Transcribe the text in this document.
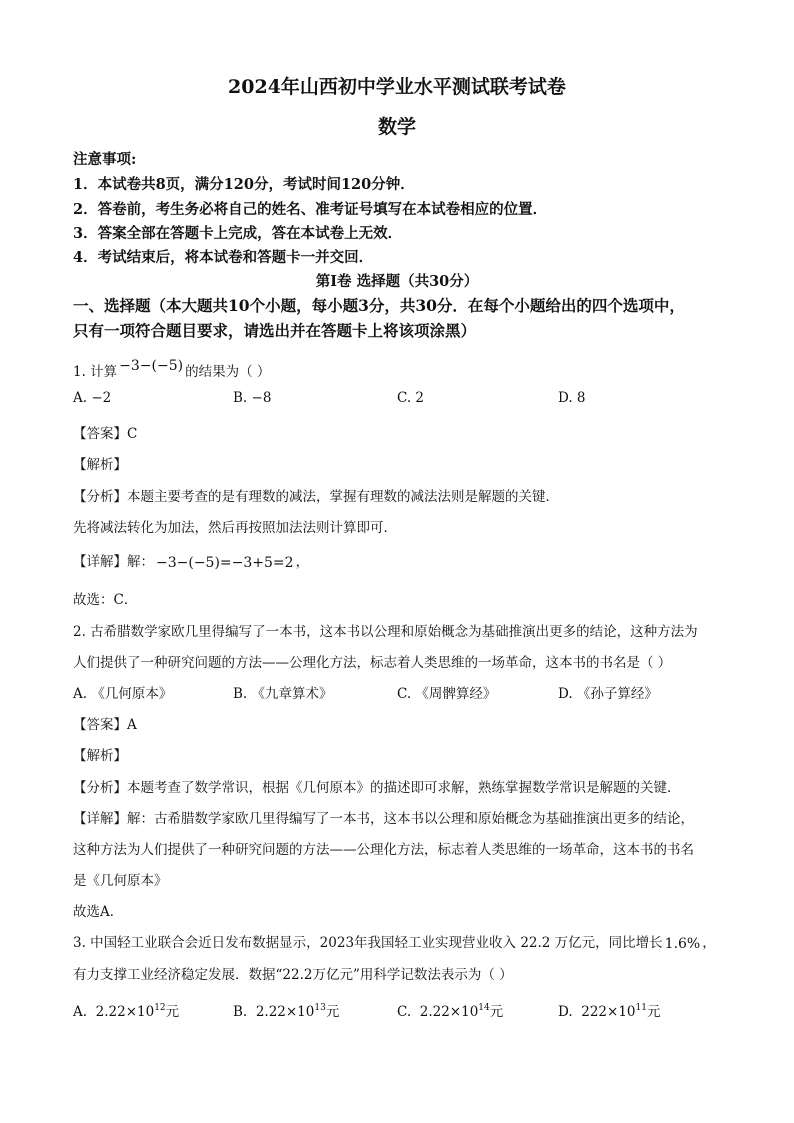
2024年山西初中学业水平测试联考试卷
数学
注意事项:
1．本试卷共8页，满分120分，考试时间120分钟．
2．答卷前，考生务必将自己的姓名、准考证号填写在本试卷相应的位置．
3．答案全部在答题卡上完成，答在本试卷上无效．
4．考试结束后，将本试卷和答题卡一并交回．
第Ⅰ卷 选择题（共30分）
一、选择题（本大题共10个小题，每小题3分，共30分．在每个小题给出的四个选项中，
只有一项符合题目要求，请选出并在答题卡上将该项涂黑）
1. 计算 −3−(−5) 的结果为（ ）
A. −2	B. −8	C. 2	D. 8
【答案】C
【解析】
【分析】本题主要考查的是有理数的减法，掌握有理数的减法法则是解题的关键．
先将减法转化为加法，然后再按照加法法则计算即可．
【详解】解： −3−(−5)=−3+5=2 ，
故选：C．
2. 古希腊数学家欧几里得编写了一本书，这本书以公理和原始概念为基础推演出更多的结论，这种方法为
人们提供了一种研究问题的方法——公理化方法，标志着人类思维的一场革命，这本书的书名是（ ）
A. 《几何原本》	B. 《九章算术》	C. 《周髀算经》	D. 《孙子算经》
【答案】A
【解析】
【分析】本题考查了数学常识，根据《几何原本》的描述即可求解，熟练掌握数学常识是解题的关键．
【详解】解：古希腊数学家欧几里得编写了一本书，这本书以公理和原始概念为基础推演出更多的结论，
这种方法为人们提供了一种研究问题的方法——公理化方法，标志着人类思维的一场革命，这本书的书名
是《几何原本》
故选A．
3. 中国轻工业联合会近日发布数据显示，2023年我国轻工业实现营业收入 22.2 万亿元，同比增长 1.6% ，
有力支撑工业经济稳定发展．数据“22.2万亿元”用科学记数法表示为（ ）
A. $2.22\times 10^{12}$元	B. $2.22\times 10^{13}$元	C. $2.22\times 10^{14}$元	D. $222\times 10^{11}$元
